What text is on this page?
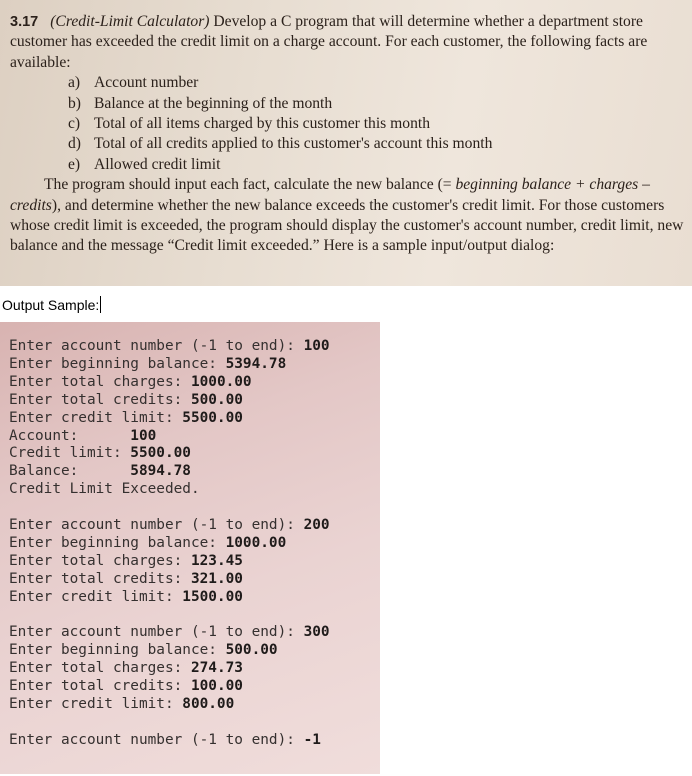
3.17 (Credit-Limit Calculator) Develop a C program that will determine whether a department store customer has exceeded the credit limit on a charge account. For each customer, the following facts are available:

a) Account number
b) Balance at the beginning of the month
c) Total of all items charged by this customer this month
d) Total of all credits applied to this customer's account this month
e) Allowed credit limit

The program should input each fact, calculate the new balance (= beginning balance + charges – credits), and determine whether the new balance exceeds the customer's credit limit. For those customers whose credit limit is exceeded, the program should display the customer's account number, credit limit, new balance and the message “Credit limit exceeded.” Here is a sample input/output dialog:

Output Sample:
Enter account number (-1 to end): 100
Enter beginning balance: 5394.78
Enter total charges: 1000.00
Enter total credits: 500.00
Enter credit limit: 5500.00
Account:      100
Credit limit: 5500.00
Balance:      5894.78
Credit Limit Exceeded.
Enter account number (-1 to end): 200
Enter beginning balance: 1000.00
Enter total charges: 123.45
Enter total credits: 321.00
Enter credit limit: 1500.00
Enter account number (-1 to end): 300
Enter beginning balance: 500.00
Enter total charges: 274.73
Enter total credits: 100.00
Enter credit limit: 800.00
Enter account number (-1 to end): -1
